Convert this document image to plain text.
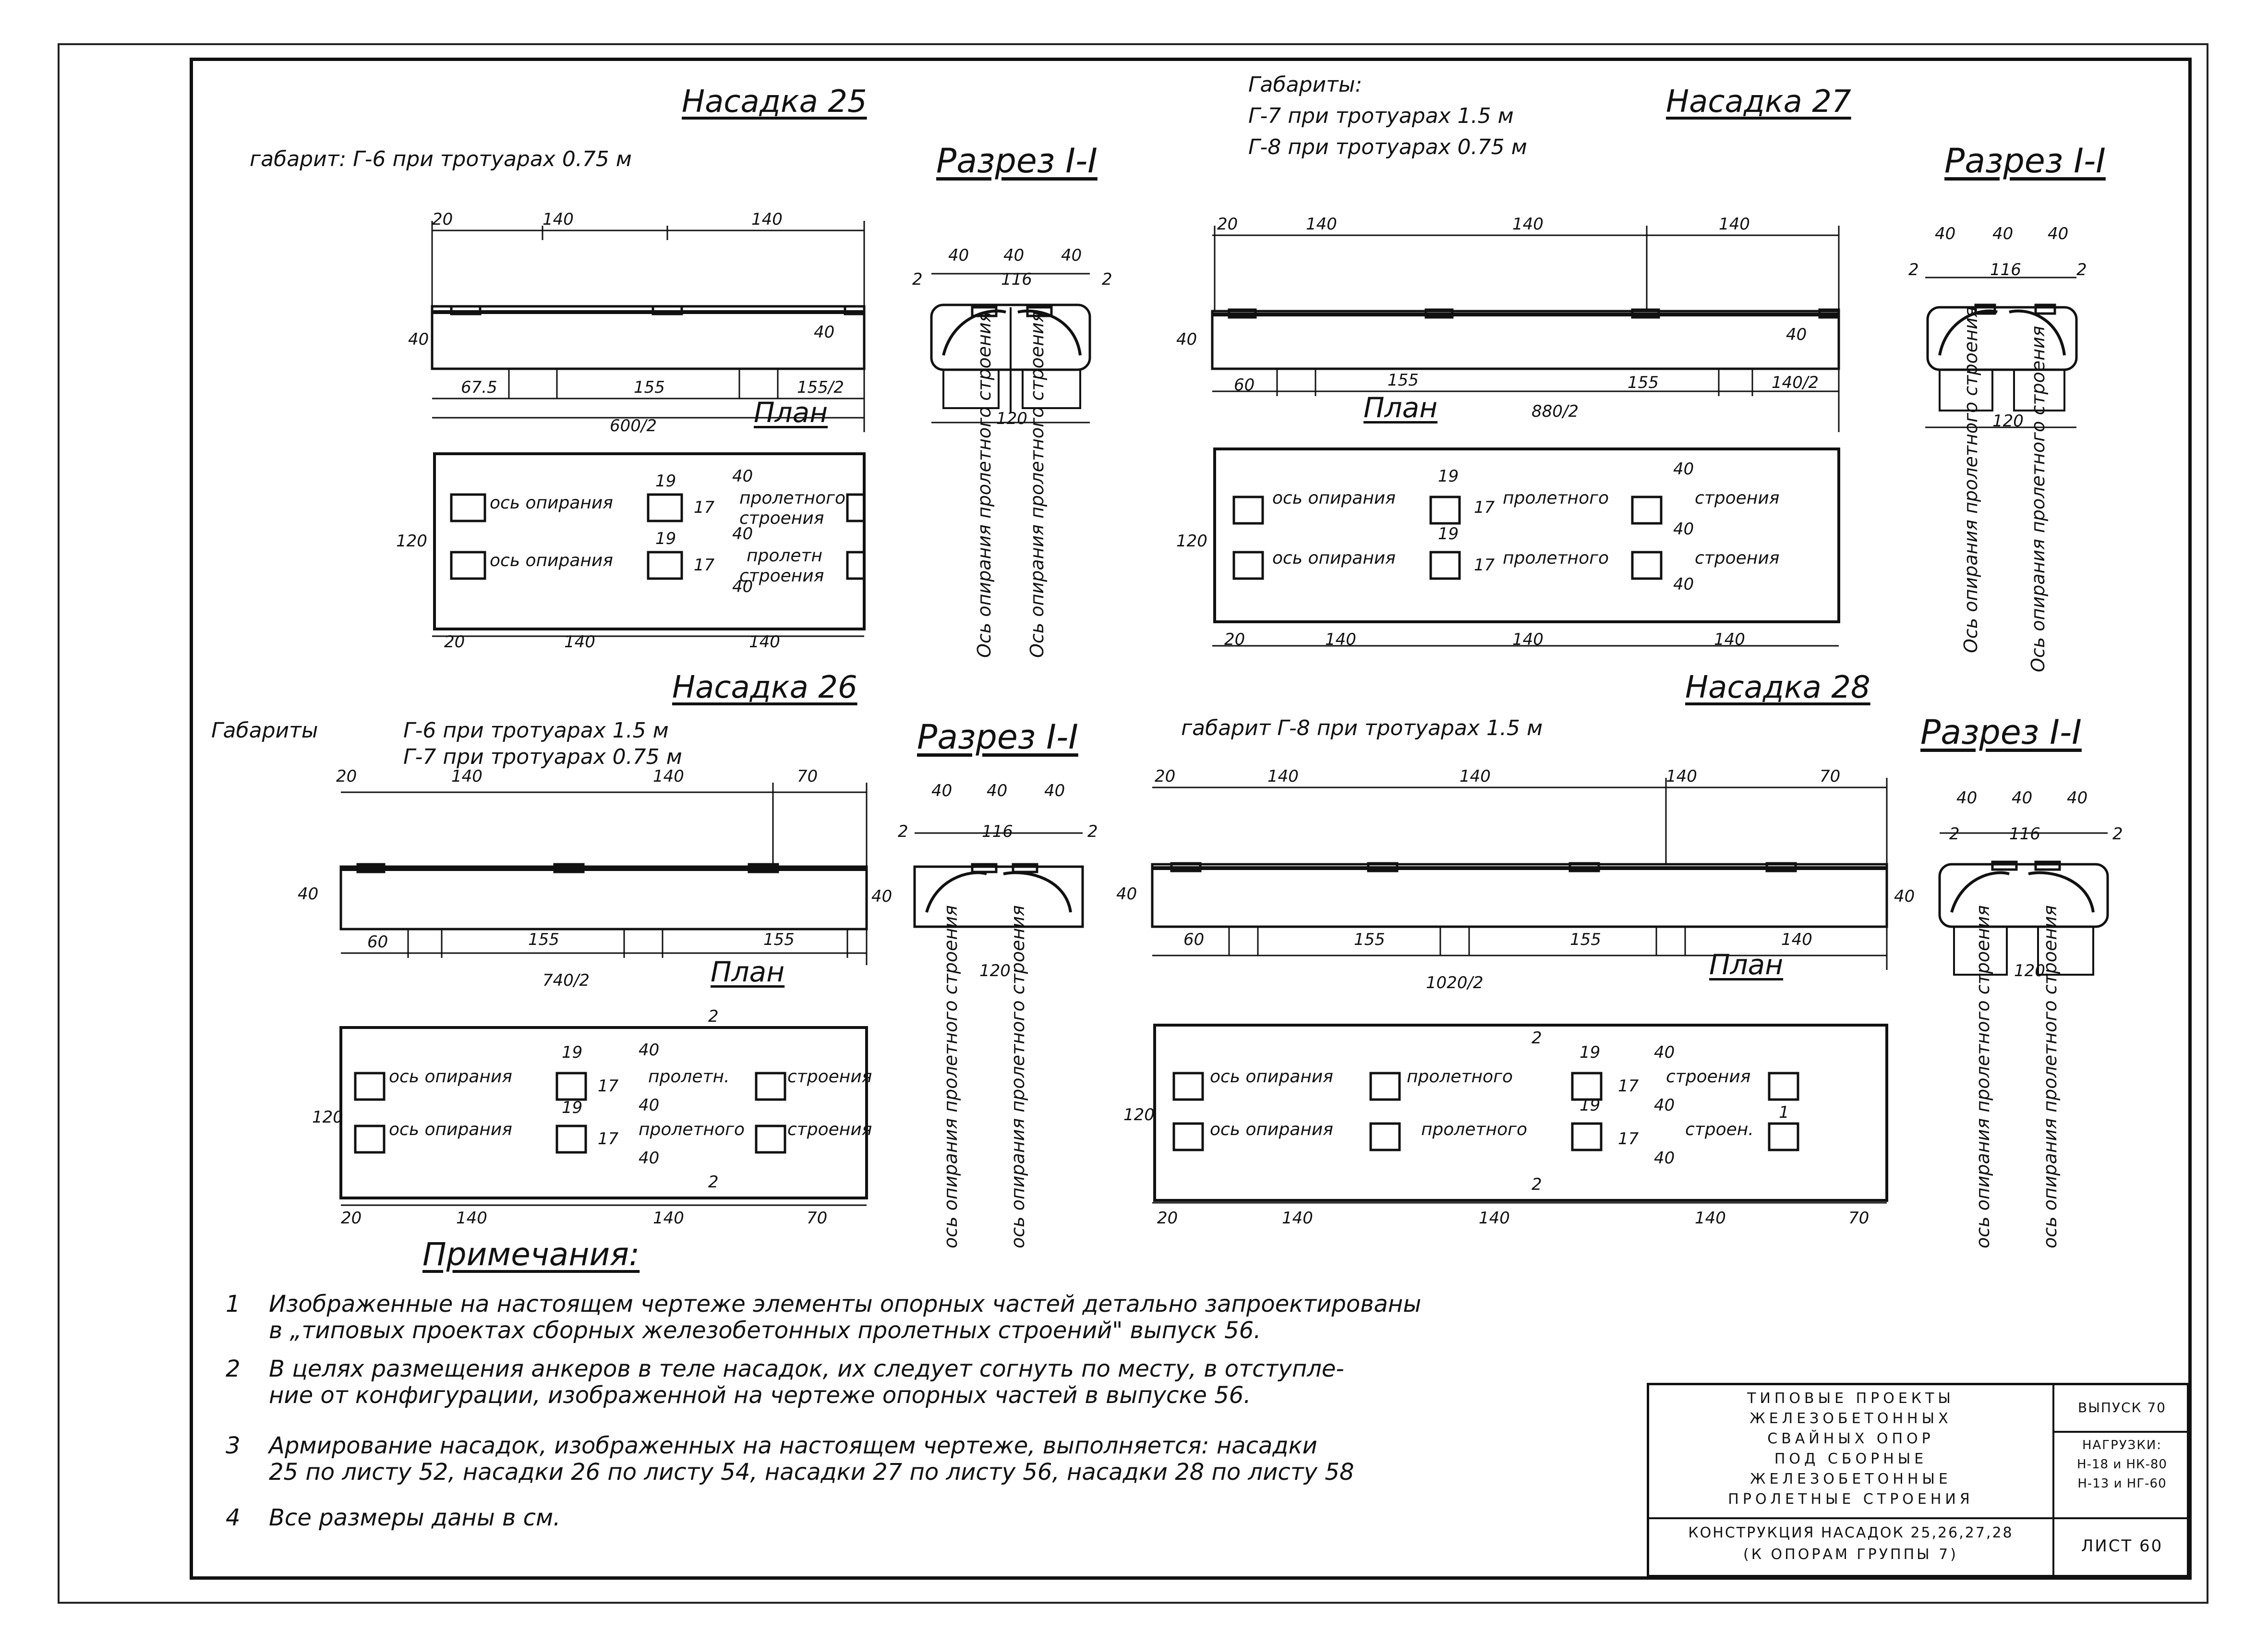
Насадка 25
габарит: Г-6 при тротуарах 0.75 м
20	140	140
40	40
67.5	155	155/2
600/2	План
120
ось опирания	пролетного
строения
ось опирания	пролетн
строения
19
19
17
17
40
40
40
20	140	140
Разрез I-I
40 40 40
116
2	2
120
Ось опирания пролетного строения Ось опирания пролетного строения
Габариты:
Г-7 при тротуарах 1.5 м
Г-8 при тротуарах 0.75 м
Насадка 27
20	140	140	140
40	40
60	155	155	140/2
План	880/2
120
ось опирания	пролетного	строения
ось опирания	пролетного	строения
19
19
17
17
40
40
40
20	140	140	140
Разрез I-I
40 40 40
116
2	2
120
Ось опирания пролетного строения	Ось опирания пролетного строения
Насадка 26
Габариты	Г-6 при тротуарах 1.5 м
Г-7 при тротуарах 0.75 м
20	140	140	70
40	40
60	155	155
740/2	План
120
ось опирания	пролетн.	строения
ось опирания	пролетного строения
19
19
17
17
40
40
40
2
2
20	140	140	70
Разрез I-I
40 40 40
116
2	2
120
ось опирания пролетного строения	ось опирания пролетного строения
Насадка 28
габарит Г-8 при тротуарах 1.5 м
20	140	140	140	70
40	40
60	155	155	140
План
1020/2
120
ось опирания	пролетного	строения
ось опирания	пролетного	строен.
19
19
17
17
40
40
40
2
2
1
20	140	140	140	70
Разрез I-I
40 40 40
116
2	2
120
ось опирания пролетного строения	ось опирания пролетного строения
Примечания:
1 Изображенные на настоящем чертеже элементы опорных частей детально запроектированы
в „типовых проектах сборных железобетонных пролетных строений" выпуск 56.
2 В целях размещения анкеров в теле насадок, их следует согнуть по месту, в отступле-
ние от конфигурации, изображенной на чертеже опорных частей в выпуске 56.
3 Армирование насадок, изображенных на настоящем чертеже, выполняется: насадки
25 по листу 52, насадки 26 по листу 54, насадки 27 по листу 56, насадки 28 по листу 58
4 Все размеры даны в см.
ТИПОВЫЕ ПРОЕКТЫ
ЖЕЛЕЗОБЕТОННЫХ
СВАЙНЫХ ОПОР
ПОД СБОРНЫЕ
ЖЕЛЕЗОБЕТОННЫЕ
ПРОЛЕТНЫЕ СТРОЕНИЯ
ВЫПУСК 70
НАГРУЗКИ:
Н-18 и НК-80
Н-13 и НГ-60
КОНСТРУКЦИЯ НАСАДОК 25,26,27,28
(К ОПОРАМ ГРУППЫ 7)	ЛИСТ 60
